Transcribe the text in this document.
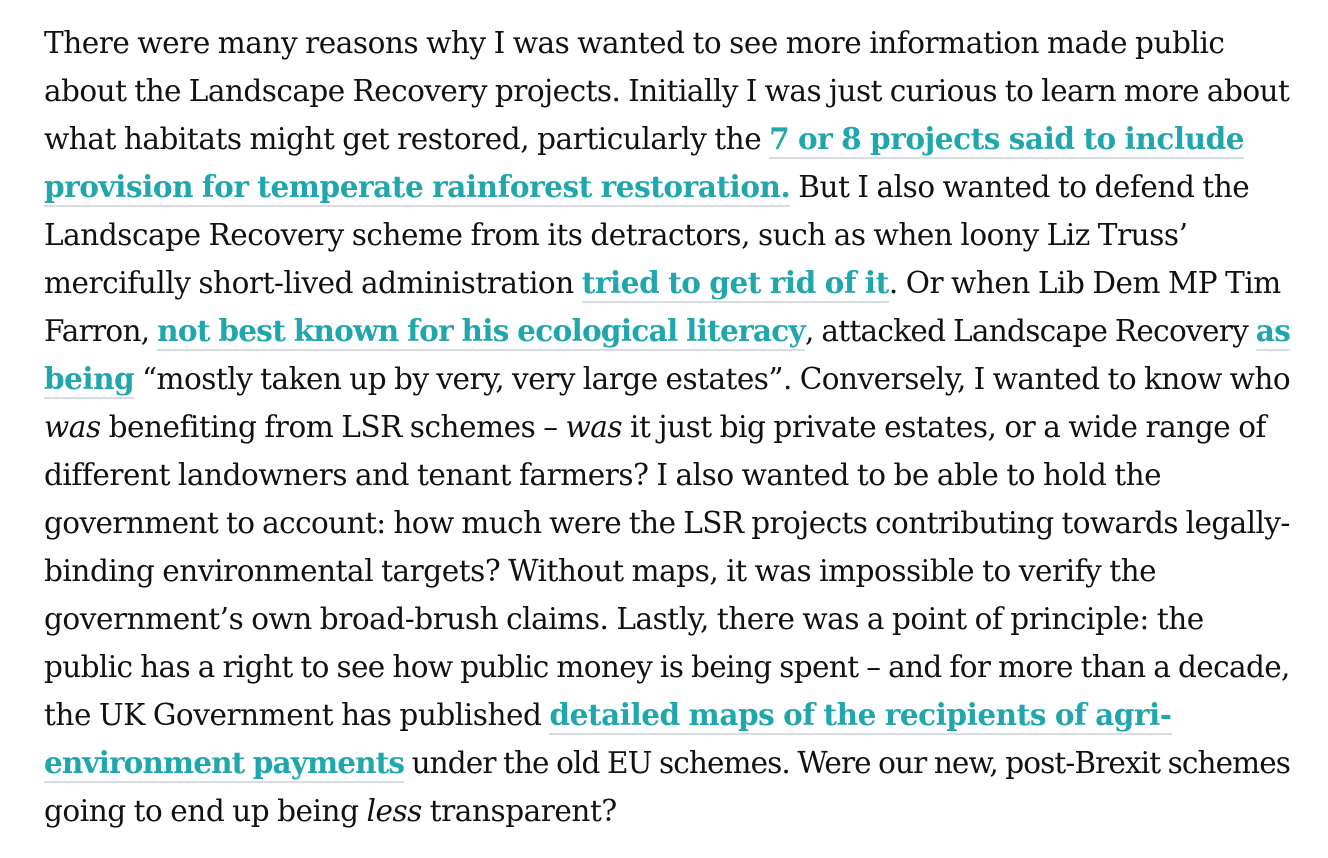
There were many reasons why I was wanted to see more information made public
about the Landscape Recovery projects. Initially I was just curious to learn more about
what habitats might get restored, particularly the 7 or 8 projects said to include
provision for temperate rainforest restoration. But I also wanted to defend the
Landscape Recovery scheme from its detractors, such as when loony Liz Truss’
mercifully short-lived administration tried to get rid of it. Or when Lib Dem MP Tim
Farron, not best known for his ecological literacy, attacked Landscape Recovery as
being “mostly taken up by very, very large estates”. Conversely, I wanted to know who
was benefiting from LSR schemes – was it just big private estates, or a wide range of
different landowners and tenant farmers? I also wanted to be able to hold the
government to account: how much were the LSR projects contributing towards legally-
binding environmental targets? Without maps, it was impossible to verify the
government’s own broad-brush claims. Lastly, there was a point of principle: the
public has a right to see how public money is being spent – and for more than a decade,
the UK Government has published detailed maps of the recipients of agri-
environment payments under the old EU schemes. Were our new, post-Brexit schemes
going to end up being less transparent?
